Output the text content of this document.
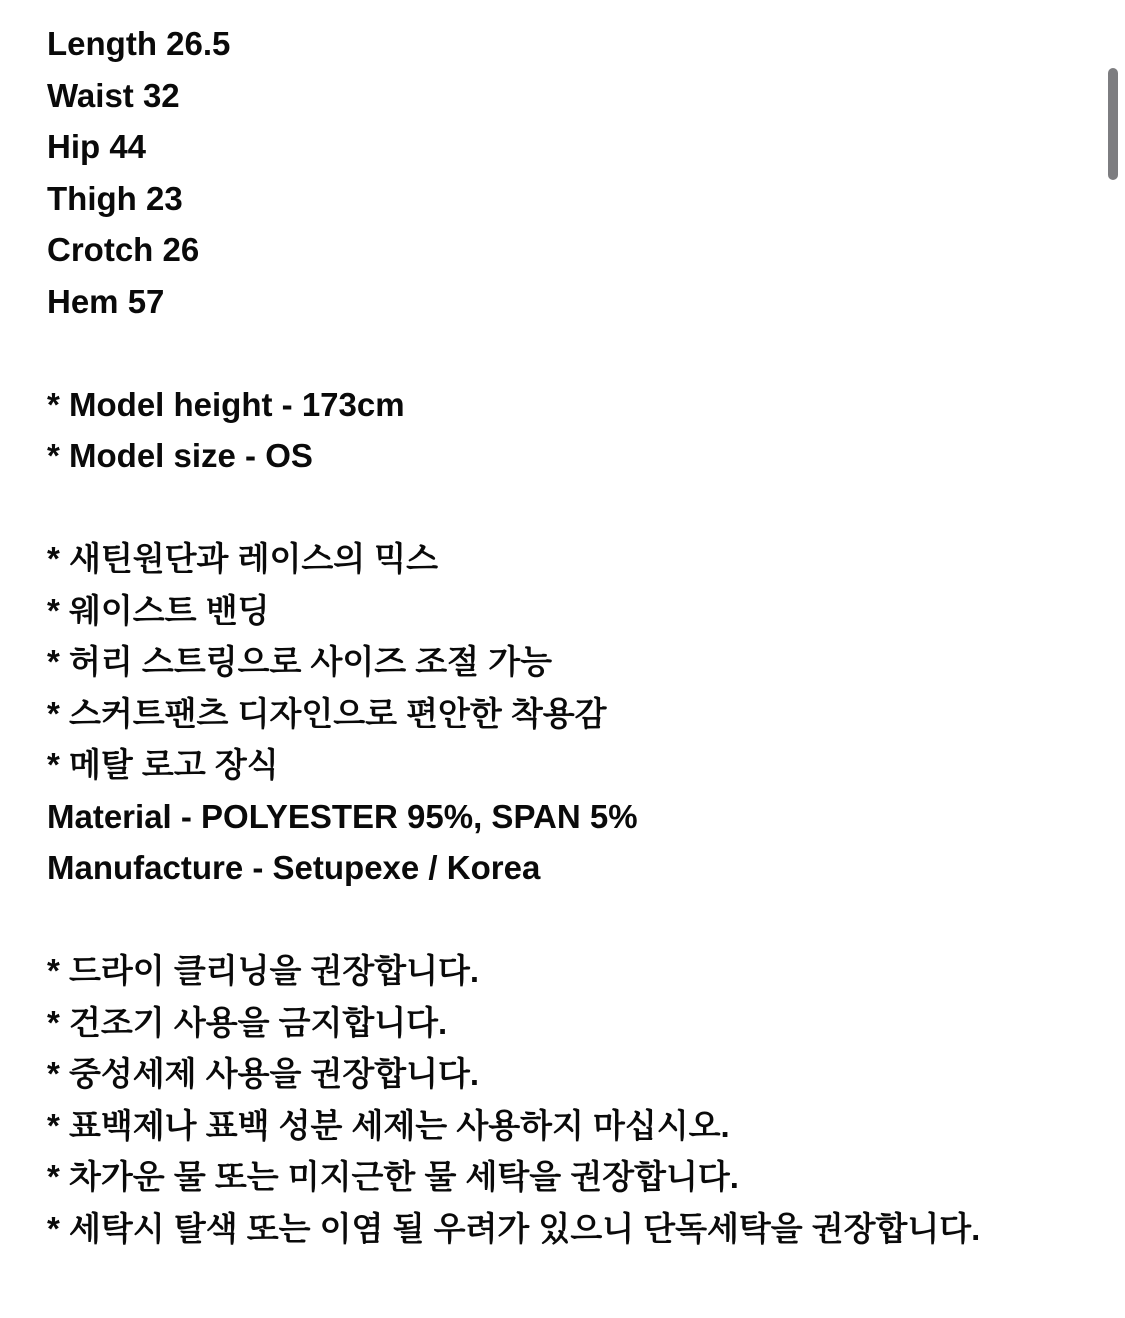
Length 26.5
Waist 32
Hip 44
Thigh 23
Crotch 26
Hem 57
* Model height - 173cm
* Model size - OS
* 새틴원단과 레이스의 믹스
* 웨이스트 밴딩
* 허리 스트링으로 사이즈 조절 가능
* 스커트팬츠 디자인으로 편안한 착용감
* 메탈 로고 장식
Material - POLYESTER 95%, SPAN 5%
Manufacture - Setupexe / Korea
* 드라이 클리닝을 권장합니다.
* 건조기 사용을 금지합니다.
* 중성세제 사용을 권장합니다.
* 표백제나 표백 성분 세제는 사용하지 마십시오.
* 차가운 물 또는 미지근한 물 세탁을 권장합니다.
* 세탁시 탈색 또는 이염 될 우려가 있으니 단독세탁을 권장합니다.
